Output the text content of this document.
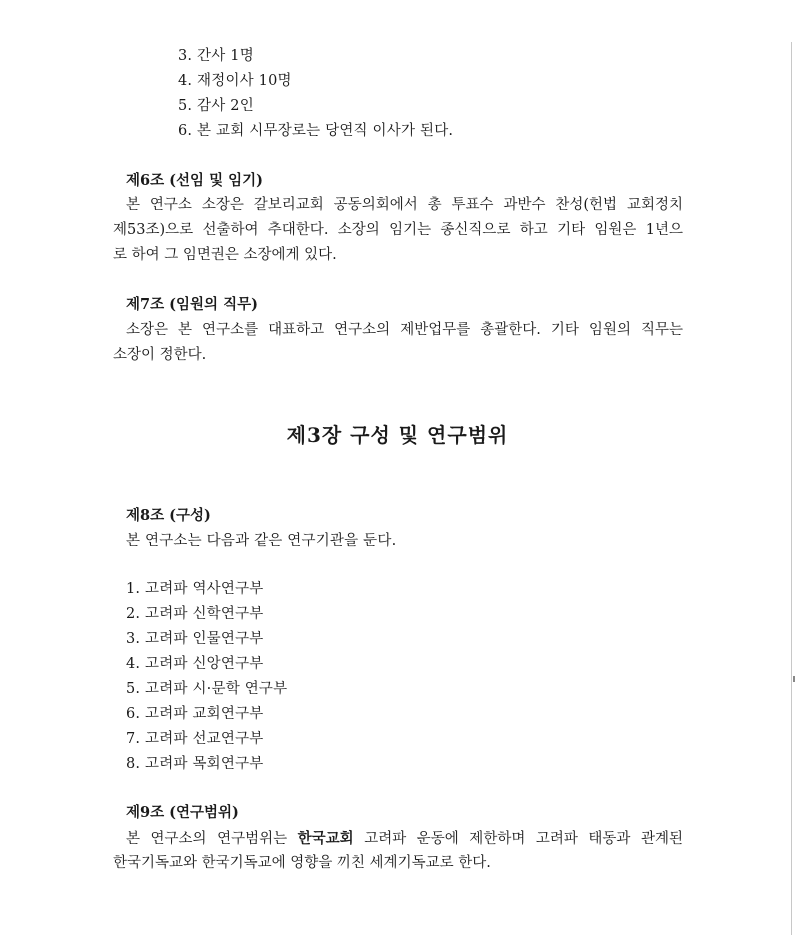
3. 간사 1명
4. 재정이사 10명
5. 감사 2인
6. 본 교회 시무장로는 당연직 이사가 된다.
제6조 (선임 및 임기)
본 연구소 소장은 갈보리교회 공동의회에서 총 투표수 과반수 찬성(헌법 교회정치
제53조)으로 선출하여 추대한다. 소장의 임기는 종신직으로 하고 기타 임원은 1년으
로 하여 그 임면권은 소장에게 있다.
제7조 (임원의 직무)
소장은 본 연구소를 대표하고 연구소의 제반업무를 총괄한다. 기타 임원의 직무는
소장이 정한다.
제3장 구성 및 연구범위
제8조 (구성)
본 연구소는 다음과 같은 연구기관을 둔다.
1. 고려파 역사연구부
2. 고려파 신학연구부
3. 고려파 인물연구부
4. 고려파 신앙연구부
5. 고려파 시·문학 연구부
6. 고려파 교회연구부
7. 고려파 선교연구부
8. 고려파 목회연구부
제9조 (연구범위)
본 연구소의 연구범위는 한국교회 고려파 운동에 제한하며 고려파 태동과 관계된
한국기독교와 한국기독교에 영향을 끼친 세계기독교로 한다.
